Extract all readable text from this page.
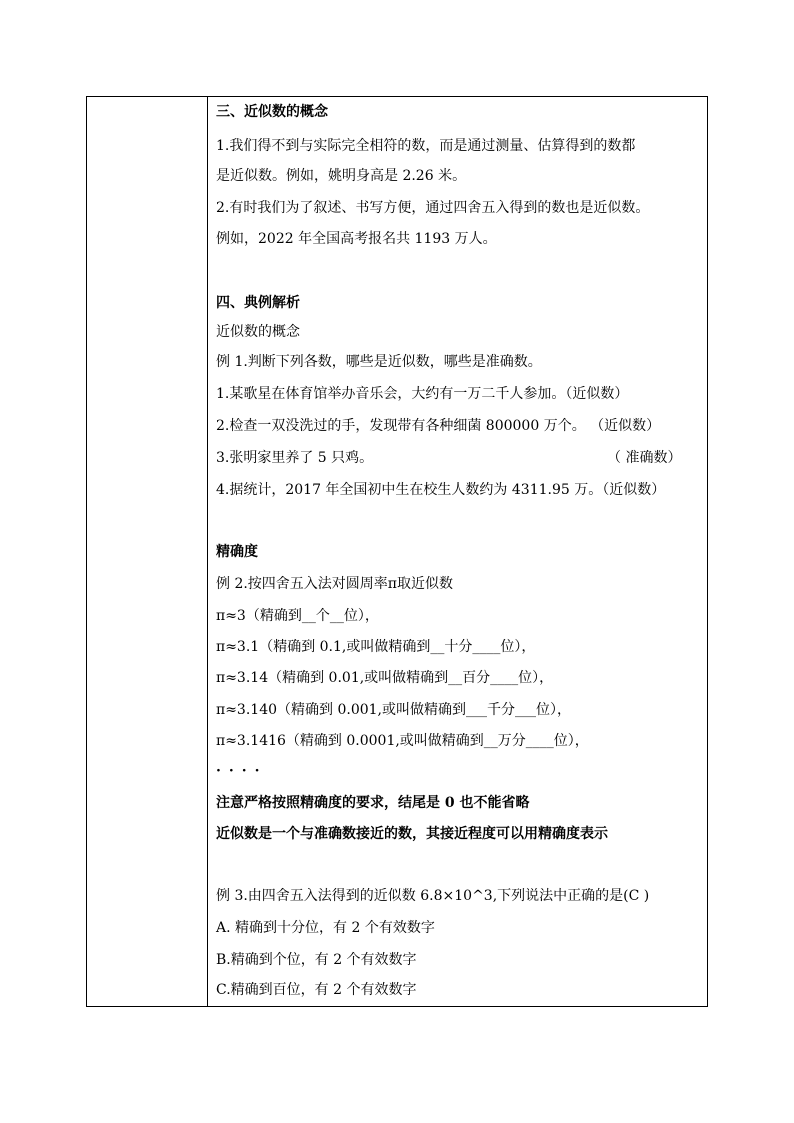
三、近似数的概念
1.我们得不到与实际完全相符的数，而是通过测量、估算得到的数都
是近似数。例如，姚明身高是 2.26 米。
2.有时我们为了叙述、书写方便，通过四舍五入得到的数也是近似数。
例如，2022 年全国高考报名共 1193 万人。
四、典例解析
近似数的概念
例 1.判断下列各数，哪些是近似数，哪些是准确数。
1.某歌星在体育馆举办音乐会，大约有一万二千人参加。（近似数）
2.检查一双没洗过的手，发现带有各种细菌 800000 万个。 （近似数）
3.张明家里养了 5 只鸡。	（ 准确数）
4.据统计，2017 年全国初中生在校生人数约为 4311.95 万。（近似数）
精确度
例 2.按四舍五入法对圆周率π取近似数
π≈3（精确到__个__位），
π≈3.1（精确到 0.1,或叫做精确到__十分____位），
π≈3.14（精确到 0.01,或叫做精确到__百分____位），
π≈3.140（精确到 0.001,或叫做精确到___千分___位），
π≈3.1416（精确到 0.0001,或叫做精确到__万分____位），
····
注意严格按照精确度的要求，结尾是 0 也不能省略
近似数是一个与准确数接近的数，其接近程度可以用精确度表示
例 3.由四舍五入法得到的近似数 6.8×10^3,下列说法中正确的是(C )
A. 精确到十分位，有 2 个有效数字
B.精确到个位，有 2 个有效数字
C.精确到百位，有 2 个有效数字
